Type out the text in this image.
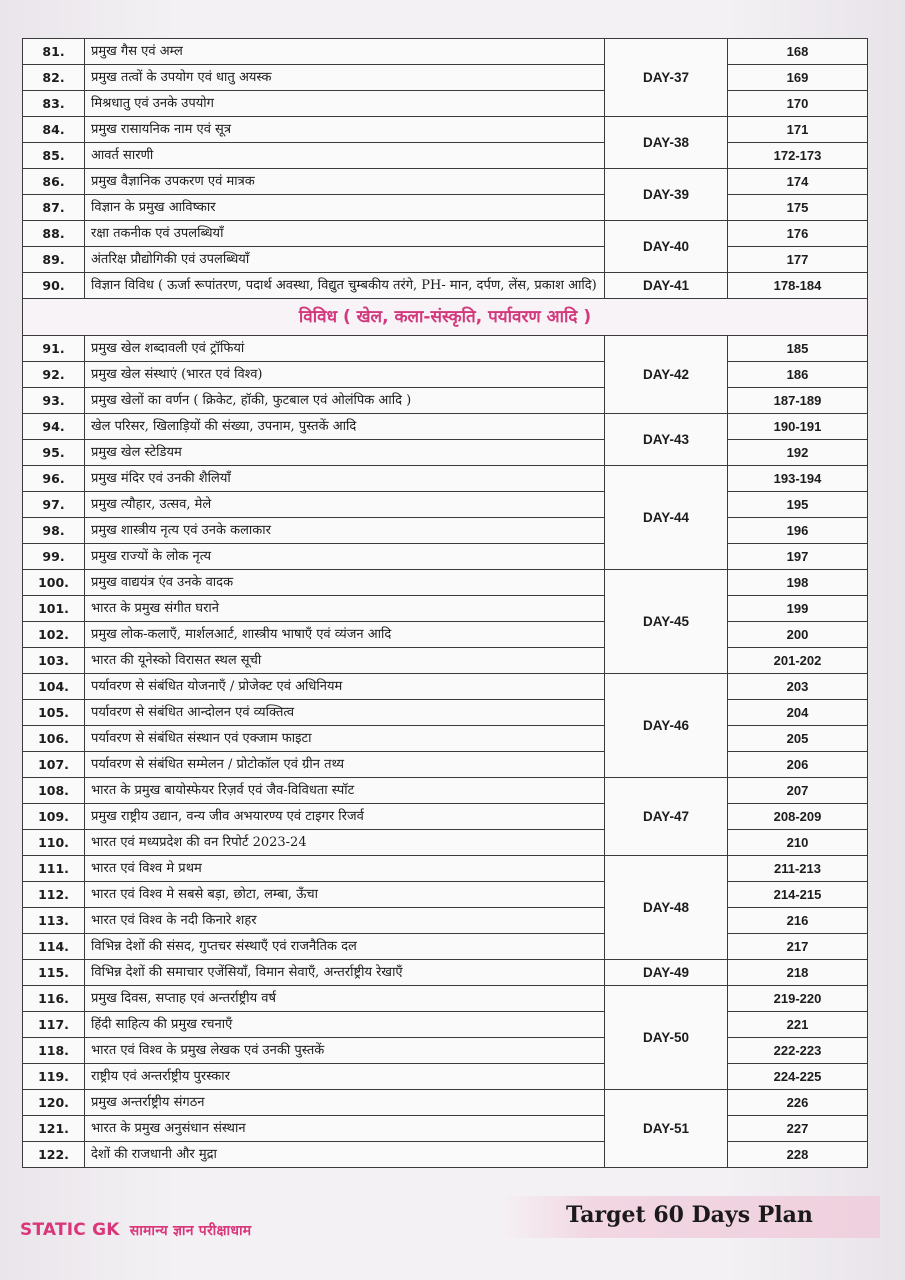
81.	प्रमुख गैस एवं अम्ल	DAY-37	168
82.	प्रमुख तत्वों के उपयोग एवं धातु अयस्क		169
83.	मिश्रधातु एवं उनके उपयोग		170
84.	प्रमुख रासायनिक नाम एवं सूत्र	DAY-38	171
85.	आवर्त सारणी		172-173
86.	प्रमुख वैज्ञानिक उपकरण एवं मात्रक	DAY-39	174
87.	विज्ञान के प्रमुख आविष्कार		175
88.	रक्षा तकनीक एवं उपलब्धियाँ	DAY-40	176
89.	अंतरिक्ष प्रौद्योगिकी एवं उपलब्धियाँ		177
90.	विज्ञान विविध ( ऊर्जा रूपांतरण, पदार्थ अवस्था, विद्युत चुम्बकीय तरंगे, PH- मान, दर्पण, लेंस, प्रकाश आदि)	DAY-41	178-184
विविध ( खेल, कला-संस्कृति, पर्यावरण आदि )			
91.	प्रमुख खेल शब्दावली एवं ट्रॉफियां	DAY-42	185
92.	प्रमुख खेल संस्थाएं (भारत एवं विश्व)		186
93.	प्रमुख खेलों का वर्णन ( क्रिकेट, हॉकी, फुटबाल एवं ओलंपिक आदि )		187-189
94.	खेल परिसर, खिलाड़ियों की संख्या, उपनाम, पुस्तकें आदि	DAY-43	190-191
95.	प्रमुख खेल स्टेडियम		192
96.	प्रमुख मंदिर एवं उनकी शैलियाँ	DAY-44	193-194
97.	प्रमुख त्यौहार, उत्सव, मेले		195
98.	प्रमुख शास्त्रीय नृत्य एवं उनके कलाकार		196
99.	प्रमुख राज्यों के लोक नृत्य		197
100.	प्रमुख वाद्ययंत्र एंव उनके वादक	DAY-45	198
101.	भारत के प्रमुख संगीत घराने		199
102.	प्रमुख लोक-कलाएँ, मार्शलआर्ट, शास्त्रीय भाषाएँ एवं व्यंजन आदि		200
103.	भारत की यूनेस्को विरासत स्थल सूची		201-202
104.	पर्यावरण से संबंधित योजनाएँ / प्रोजेक्ट एवं अधिनियम	DAY-46	203
105.	पर्यावरण से संबंधित आन्दोलन एवं व्यक्तित्व		204
106.	पर्यावरण से संबंधित संस्थान एवं एक्जाम फाइटा		205
107.	पर्यावरण से संबंधित सम्मेलन / प्रोटोकॉल एवं ग्रीन तथ्य		206
108.	भारत के प्रमुख बायोस्फेयर रिज़र्व एवं जैव-विविधता स्पॉट	DAY-47	207
109.	प्रमुख राष्ट्रीय उद्यान, वन्य जीव अभयारण्य एवं टाइगर रिजर्व		208-209
110.	भारत एवं मध्यप्रदेश की वन रिपोर्ट 2023-24		210
111.	भारत एवं विश्व मे प्रथम	DAY-48	211-213
112.	भारत एवं विश्व मे सबसे बड़ा, छोटा, लम्बा, ऊँचा		214-215
113.	भारत एवं विश्व के नदी किनारे शहर		216
114.	विभिन्न देशों की संसद, गुप्तचर संस्थाएँ एवं राजनैतिक दल		217
115.	विभिन्न देशों की समाचार एजेंसियाँ, विमान सेवाएँ, अन्तर्राष्ट्रीय रेखाएँ	DAY-49	218
116.	प्रमुख दिवस, सप्ताह एवं अन्तर्राष्ट्रीय वर्ष	DAY-50	219-220
117.	हिंदी साहित्य की प्रमुख रचनाएँ		221
118.	भारत एवं विश्व के प्रमुख लेखक एवं उनकी पुस्तकें		222-223
119.	राष्ट्रीय एवं अन्तर्राष्ट्रीय पुरस्कार		224-225
120.	प्रमुख अन्तर्राष्ट्रीय संगठन	DAY-51	226
121.	भारत के प्रमुख अनुसंधान संस्थान		227
122.	देशों की राजधानी और मुद्रा		228
STATIC GK सामान्य ज्ञान परीक्षाधाम
Target 60 Days Plan
